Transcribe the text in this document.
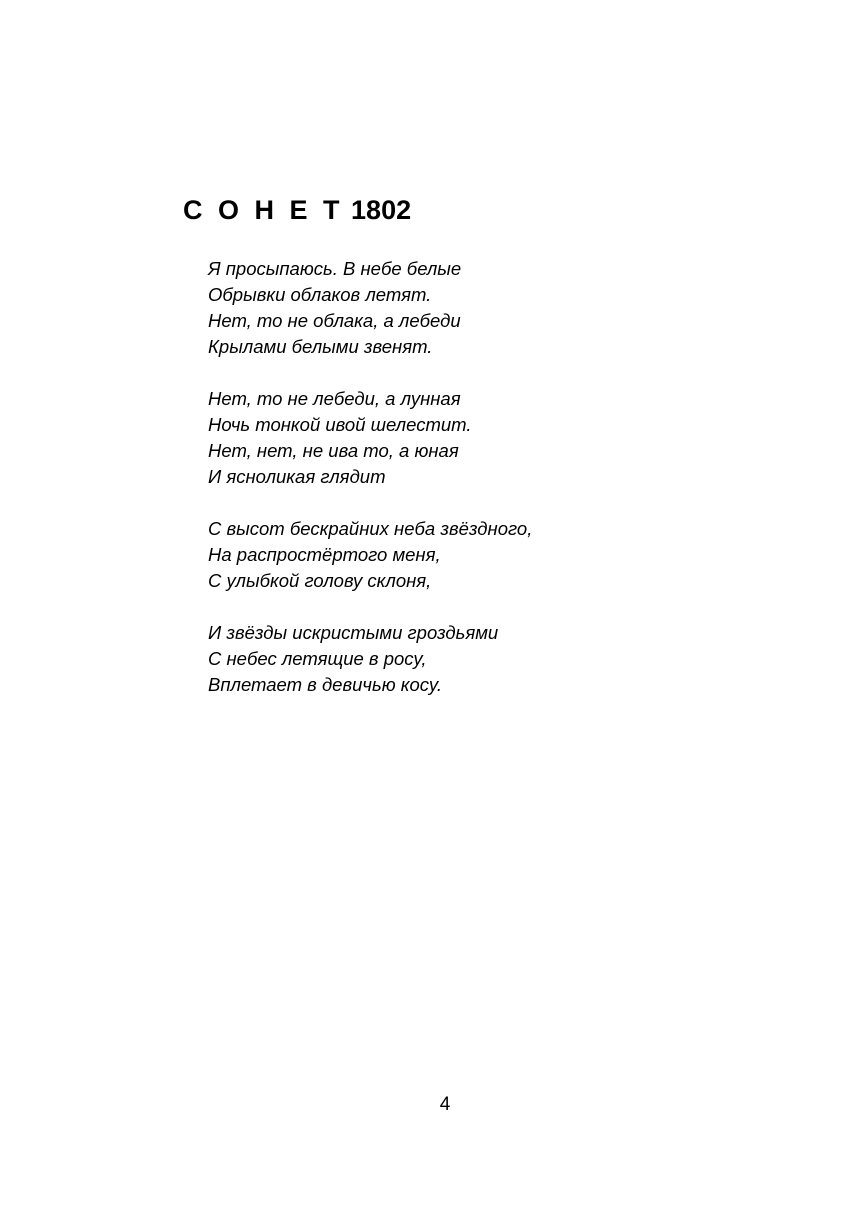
С О Н Е Т 1802
Я просыпаюсь. В небе белые
Обрывки облаков летят.
Нет, то не облака, а лебеди
Крылами белыми звенят.
Нет, то не лебеди, а лунная
Ночь тонкой ивой шелестит.
Нет, нет, не ива то, а юная
И ясноликая глядит
С высот бескрайних неба звёздного,
На распростёртого меня,
С улыбкой голову склоня,
И звёзды искристыми гроздьями
С небес летящие в росу,
Вплетает в девичью косу.
4
